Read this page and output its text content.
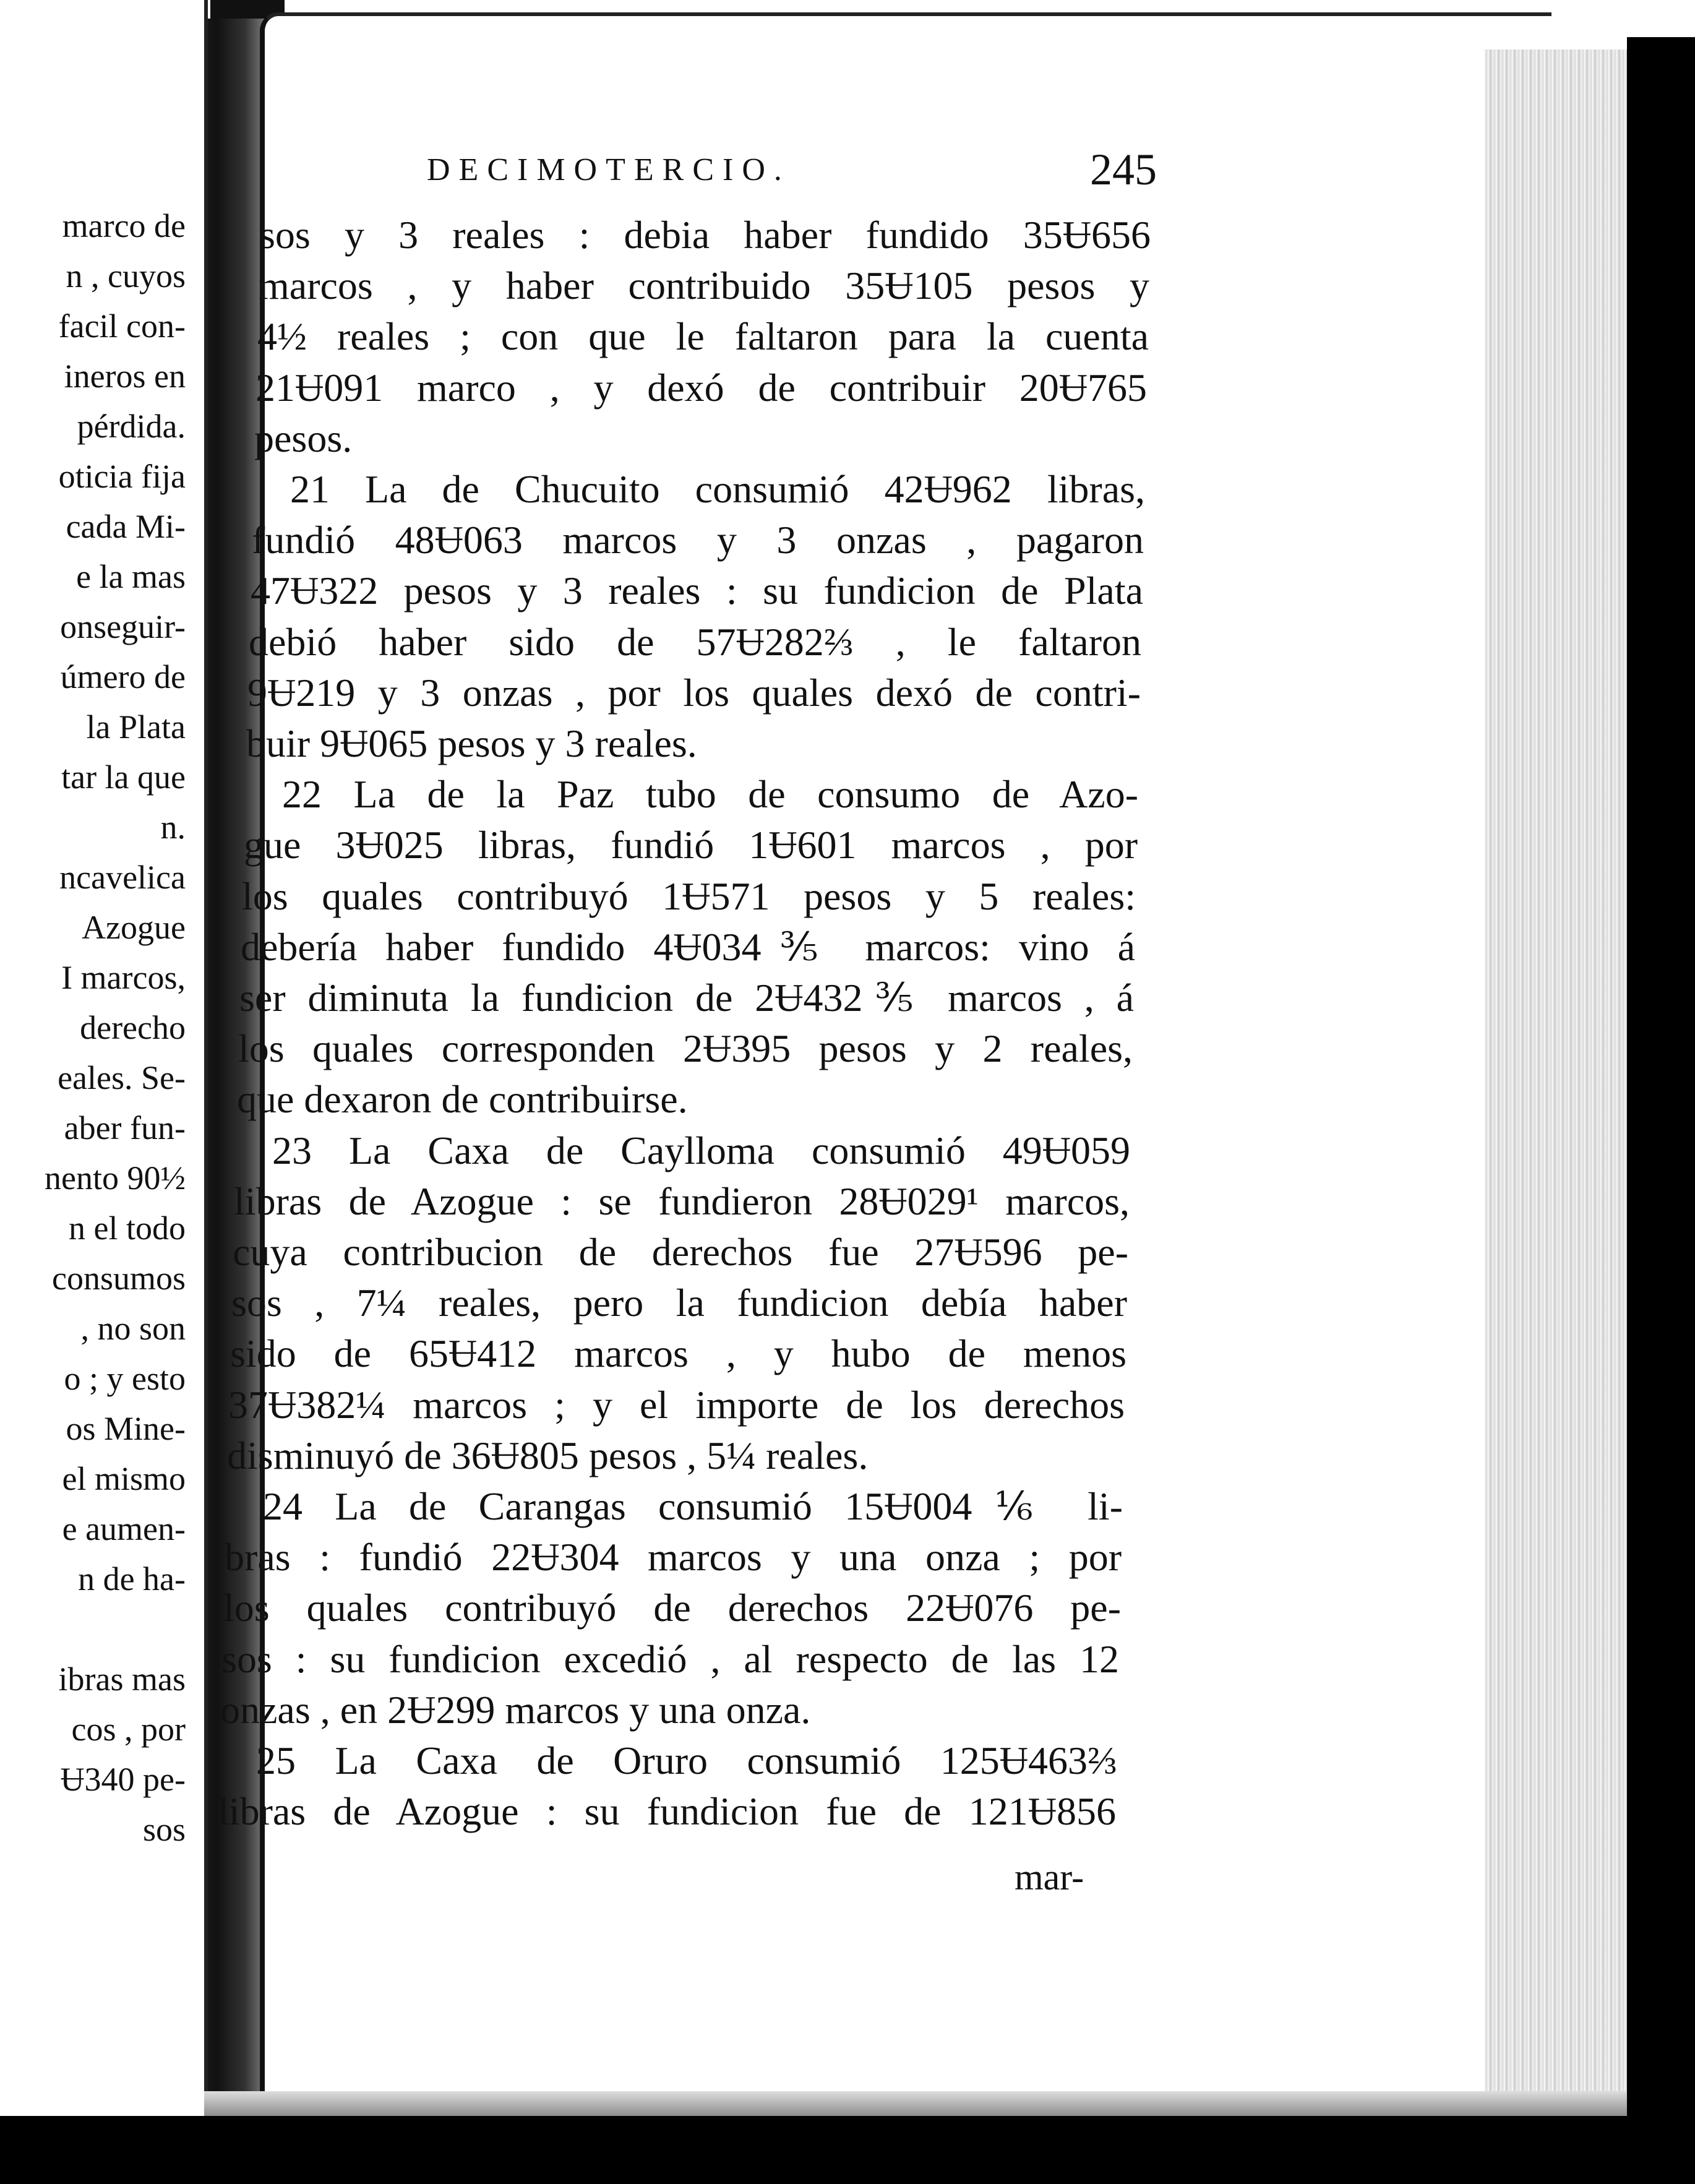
marco de
n , cuyos
facil con-
ineros en
pérdida.
oticia fija
cada Mi-
e la mas
onseguir-
úmero de
la Plata
tar la que
n.
ncavelica
Azogue
I marcos,
derecho
eales. Se-
aber fun-
nento 90½
n el todo
consumos
, no son
o ; y esto
os Mine-
el mismo
e aumen-
n de ha-
ibras mas
cos , por
Ʉ340 pe-
sos
DECIMOTERCIO.	245
sos y 3 reales : debia haber fundido 35Ʉ656
marcos , y haber contribuido 35Ʉ105 pesos y
4½ reales ; con que le faltaron para la cuenta
21Ʉ091 marco , y dexó de contribuir 20Ʉ765
pesos.
21 La de Chucuito consumió 42Ʉ962 libras,
fundió 48Ʉ063 marcos y 3 onzas , pagaron
47Ʉ322 pesos y 3 reales : su fundicion de Plata
debió haber sido de 57Ʉ282⅔ , le faltaron
9Ʉ219 y 3 onzas , por los quales dexó de contri-
buir 9Ʉ065 pesos y 3 reales.
22 La de la Paz tubo de consumo de Azo-
gue 3Ʉ025 libras, fundió 1Ʉ601 marcos , por
los quales contribuyó 1Ʉ571 pesos y 5 reales:
debería haber fundido 4Ʉ034⅗ marcos: vino á
ser diminuta la fundicion de 2Ʉ432⅗ marcos , á
los quales corresponden 2Ʉ395 pesos y 2 reales,
que dexaron de contribuirse.
23 La Caxa de Caylloma consumió 49Ʉ059
libras de Azogue : se fundieron 28Ʉ029¹ marcos,
cuya contribucion de derechos fue 27Ʉ596 pe-
sos , 7¼ reales, pero la fundicion debía haber
sido de 65Ʉ412 marcos , y hubo de menos
37Ʉ382¼ marcos ; y el importe de los derechos
disminuyó de 36Ʉ805 pesos , 5¼ reales.
24 La de Carangas consumió 15Ʉ004⅙ li-
bras : fundió 22Ʉ304 marcos y una onza ; por
los quales contribuyó de derechos 22Ʉ076 pe-
sos : su fundicion excedió , al respecto de las 12
onzas , en 2Ʉ299 marcos y una onza.
25 La Caxa de Oruro consumió 125Ʉ463⅔
libras de Azogue : su fundicion fue de 121Ʉ856
mar-
